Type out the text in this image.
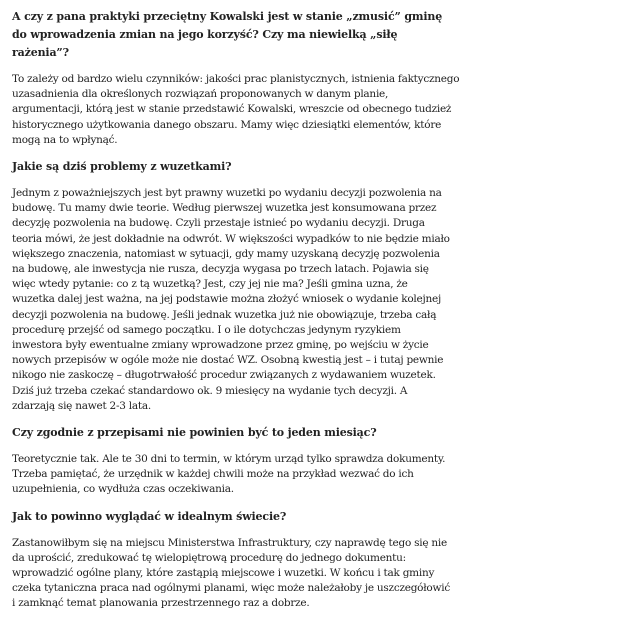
A czy z pana praktyki przeciętny Kowalski jest w stanie „zmusić” gminę do wprowadzenia zmian na jego korzyść? Czy ma niewielką „siłę rażenia”?

To zależy od bardzo wielu czynników: jakości prac planistycznych, istnienia faktycznego uzasadnienia dla określonych rozwiązań proponowanych w danym planie, argumentacji, którą jest w stanie przedstawić Kowalski, wreszcie od obecnego tudzież historycznego użytkowania danego obszaru. Mamy więc dziesiątki elementów, które mogą na to wpłynąć.

Jakie są dziś problemy z wuzetkami?

Jednym z poważniejszych jest byt prawny wuzetki po wydaniu decyzji pozwolenia na budowę. Tu mamy dwie teorie. Według pierwszej wuzetka jest konsumowana przez decyzję pozwolenia na budowę. Czyli przestaje istnieć po wydaniu decyzji. Druga teoria mówi, że jest dokładnie na odwrót. W większości wypadków to nie będzie miało większego znaczenia, natomiast w sytuacji, gdy mamy uzyskaną decyzję pozwolenia na budowę, ale inwestycja nie rusza, decyzja wygasa po trzech latach. Pojawia się więc wtedy pytanie: co z tą wuzetką? Jest, czy jej nie ma? Jeśli gmina uzna, że wuzetka dalej jest ważna, na jej podstawie można złożyć wniosek o wydanie kolejnej decyzji pozwolenia na budowę. Jeśli jednak wuzetka już nie obowiązuje, trzeba całą procedurę przejść od samego początku. I o ile dotychczas jedynym ryzykiem inwestora były ewentualne zmiany wprowadzone przez gminę, po wejściu w życie nowych przepisów w ogóle może nie dostać WZ. Osobną kwestią jest – i tutaj pewnie nikogo nie zaskoczę – długotrwałość procedur związanych z wydawaniem wuzetek. Dziś już trzeba czekać standardowo ok. 9 miesięcy na wydanie tych decyzji. A zdarzają się nawet 2-3 lata.

Czy zgodnie z przepisami nie powinien być to jeden miesiąc?

Teoretycznie tak. Ale te 30 dni to termin, w którym urząd tylko sprawdza dokumenty. Trzeba pamiętać, że urzędnik w każdej chwili może na przykład wezwać do ich uzupełnienia, co wydłuża czas oczekiwania.

Jak to powinno wyglądać w idealnym świecie?

Zastanowiłbym się na miejscu Ministerstwa Infrastruktury, czy naprawdę tego się nie da uprościć, zredukować tę wielopiętrową procedurę do jednego dokumentu: wprowadzić ogólne plany, które zastąpią miejscowe i wuzetki. W końcu i tak gminy czeka tytaniczna praca nad ogólnymi planami, więc może należałoby je uszczegółowić i zamknąć temat planowania przestrzennego raz a dobrze.
